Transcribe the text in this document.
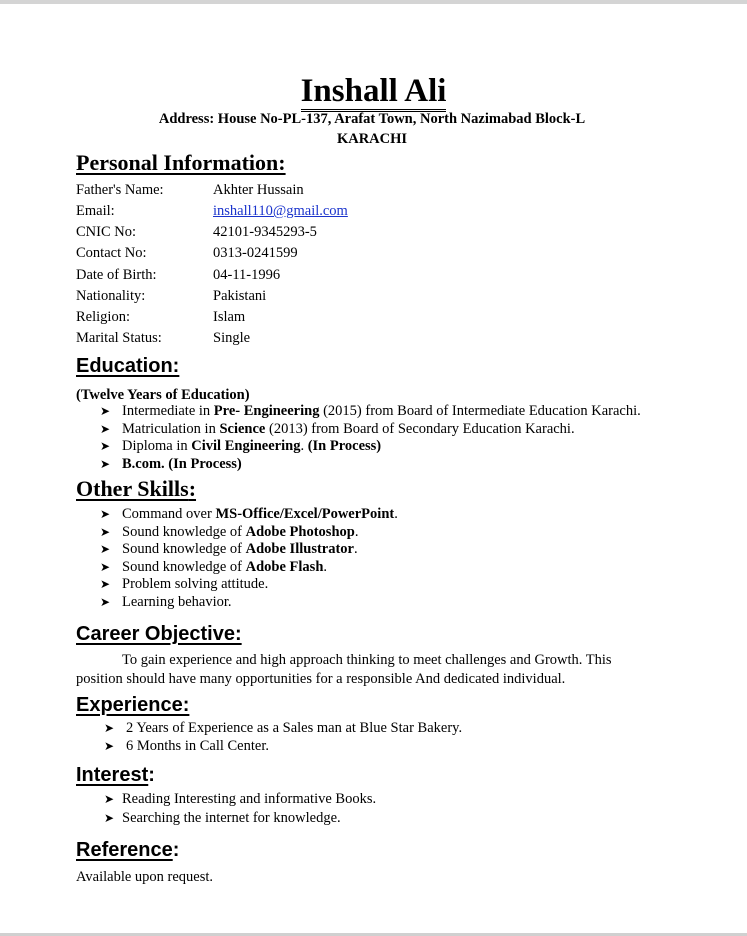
Inshall Ali
Address: House No-PL-137, Arafat Town, North Nazimabad Block-L
KARACHI
Personal Information:
Father's Name:	Akhter Hussain
Email:	inshall110@gmail.com
CNIC No:	42101-9345293-5
Contact No:	0313-0241599
Date of Birth:	04-11-1996
Nationality:	Pakistani
Religion:	Islam
Marital Status:	Single
Education:
(Twelve Years of Education)
➤ Intermediate in Pre- Engineering (2015) from Board of Intermediate Education Karachi.
➤ Matriculation in Science (2013) from Board of Secondary Education Karachi.
➤ Diploma in Civil Engineering. (In Process)
➤ B.com. (In Process)
Other Skills:
➤ Command over MS-Office/Excel/PowerPoint.
➤ Sound knowledge of Adobe Photoshop.
➤ Sound knowledge of Adobe Illustrator.
➤ Sound knowledge of Adobe Flash.
➤ Problem solving attitude.
➤ Learning behavior.
Career Objective:
To gain experience and high approach thinking to meet challenges and Growth. This
position should have many opportunities for a responsible And dedicated individual.
Experience:
➤ 2 Years of Experience as a Sales man at Blue Star Bakery.
➤ 6 Months in Call Center.
Interest:
➤ Reading Interesting and informative Books.
➤ Searching the internet for knowledge.
Reference:
Available upon request.
